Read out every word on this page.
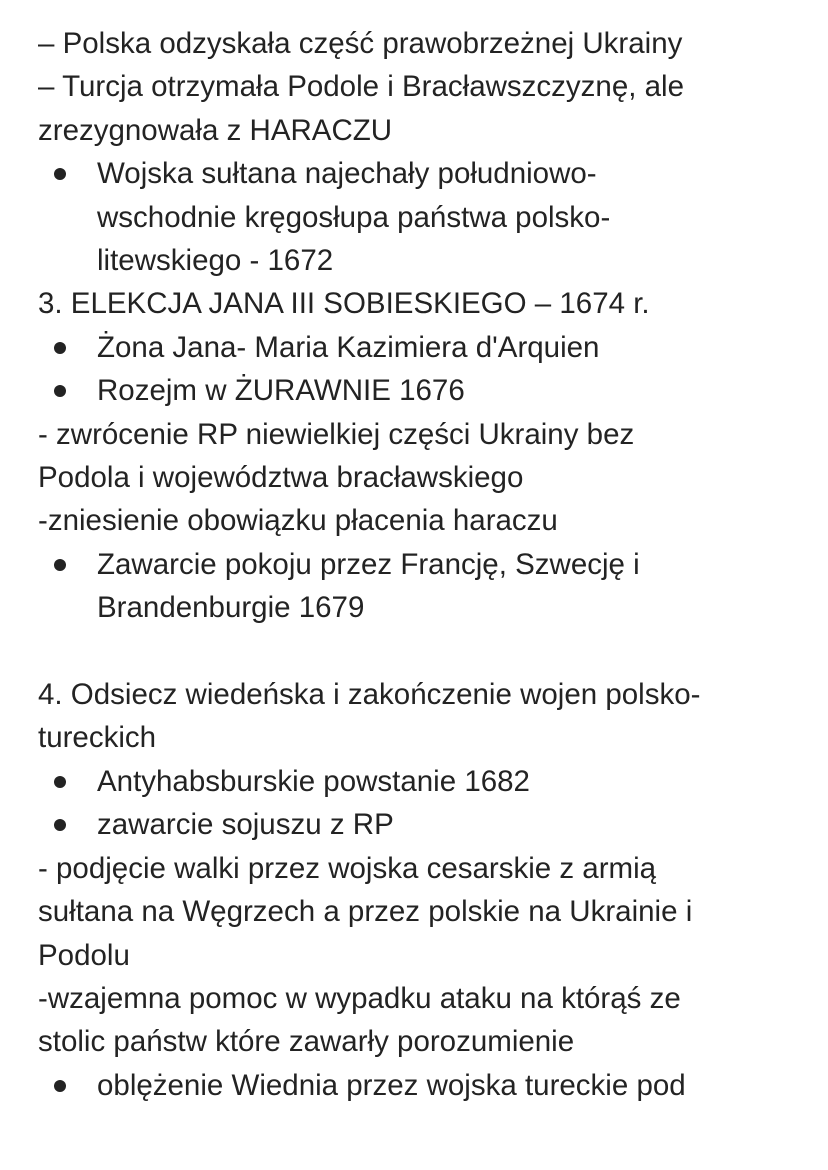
– Polska odzyskała część prawobrzeżnej Ukrainy

– Turcja otrzymała Podole i Bracławszczyznę, ale

zrezygnowała z HARACZU

Wojska sułtana najechały południowo-

wschodnie kręgosłupa państwa polsko-

litewskiego - 1672

3. ELEKCJA JANA III SOBIESKIEGO – 1674 r.

Żona Jana- Maria Kazimiera d'Arquien

Rozejm w ŻURAWNIE 1676

- zwrócenie RP niewielkiej części Ukrainy bez

Podola i województwa bracławskiego

-zniesienie obowiązku płacenia haraczu

Zawarcie pokoju przez Francję, Szwecję i

Brandenburgie 1679

4. Odsiecz wiedeńska i zakończenie wojen polsko-

tureckich

Antyhabsburskie powstanie 1682

zawarcie sojuszu z RP

- podjęcie walki przez wojska cesarskie z armią

sułtana na Węgrzech a przez polskie na Ukrainie i

Podolu

-wzajemna pomoc w wypadku ataku na którąś ze

stolic państw które zawarły porozumienie

oblężenie Wiednia przez wojska tureckie pod
